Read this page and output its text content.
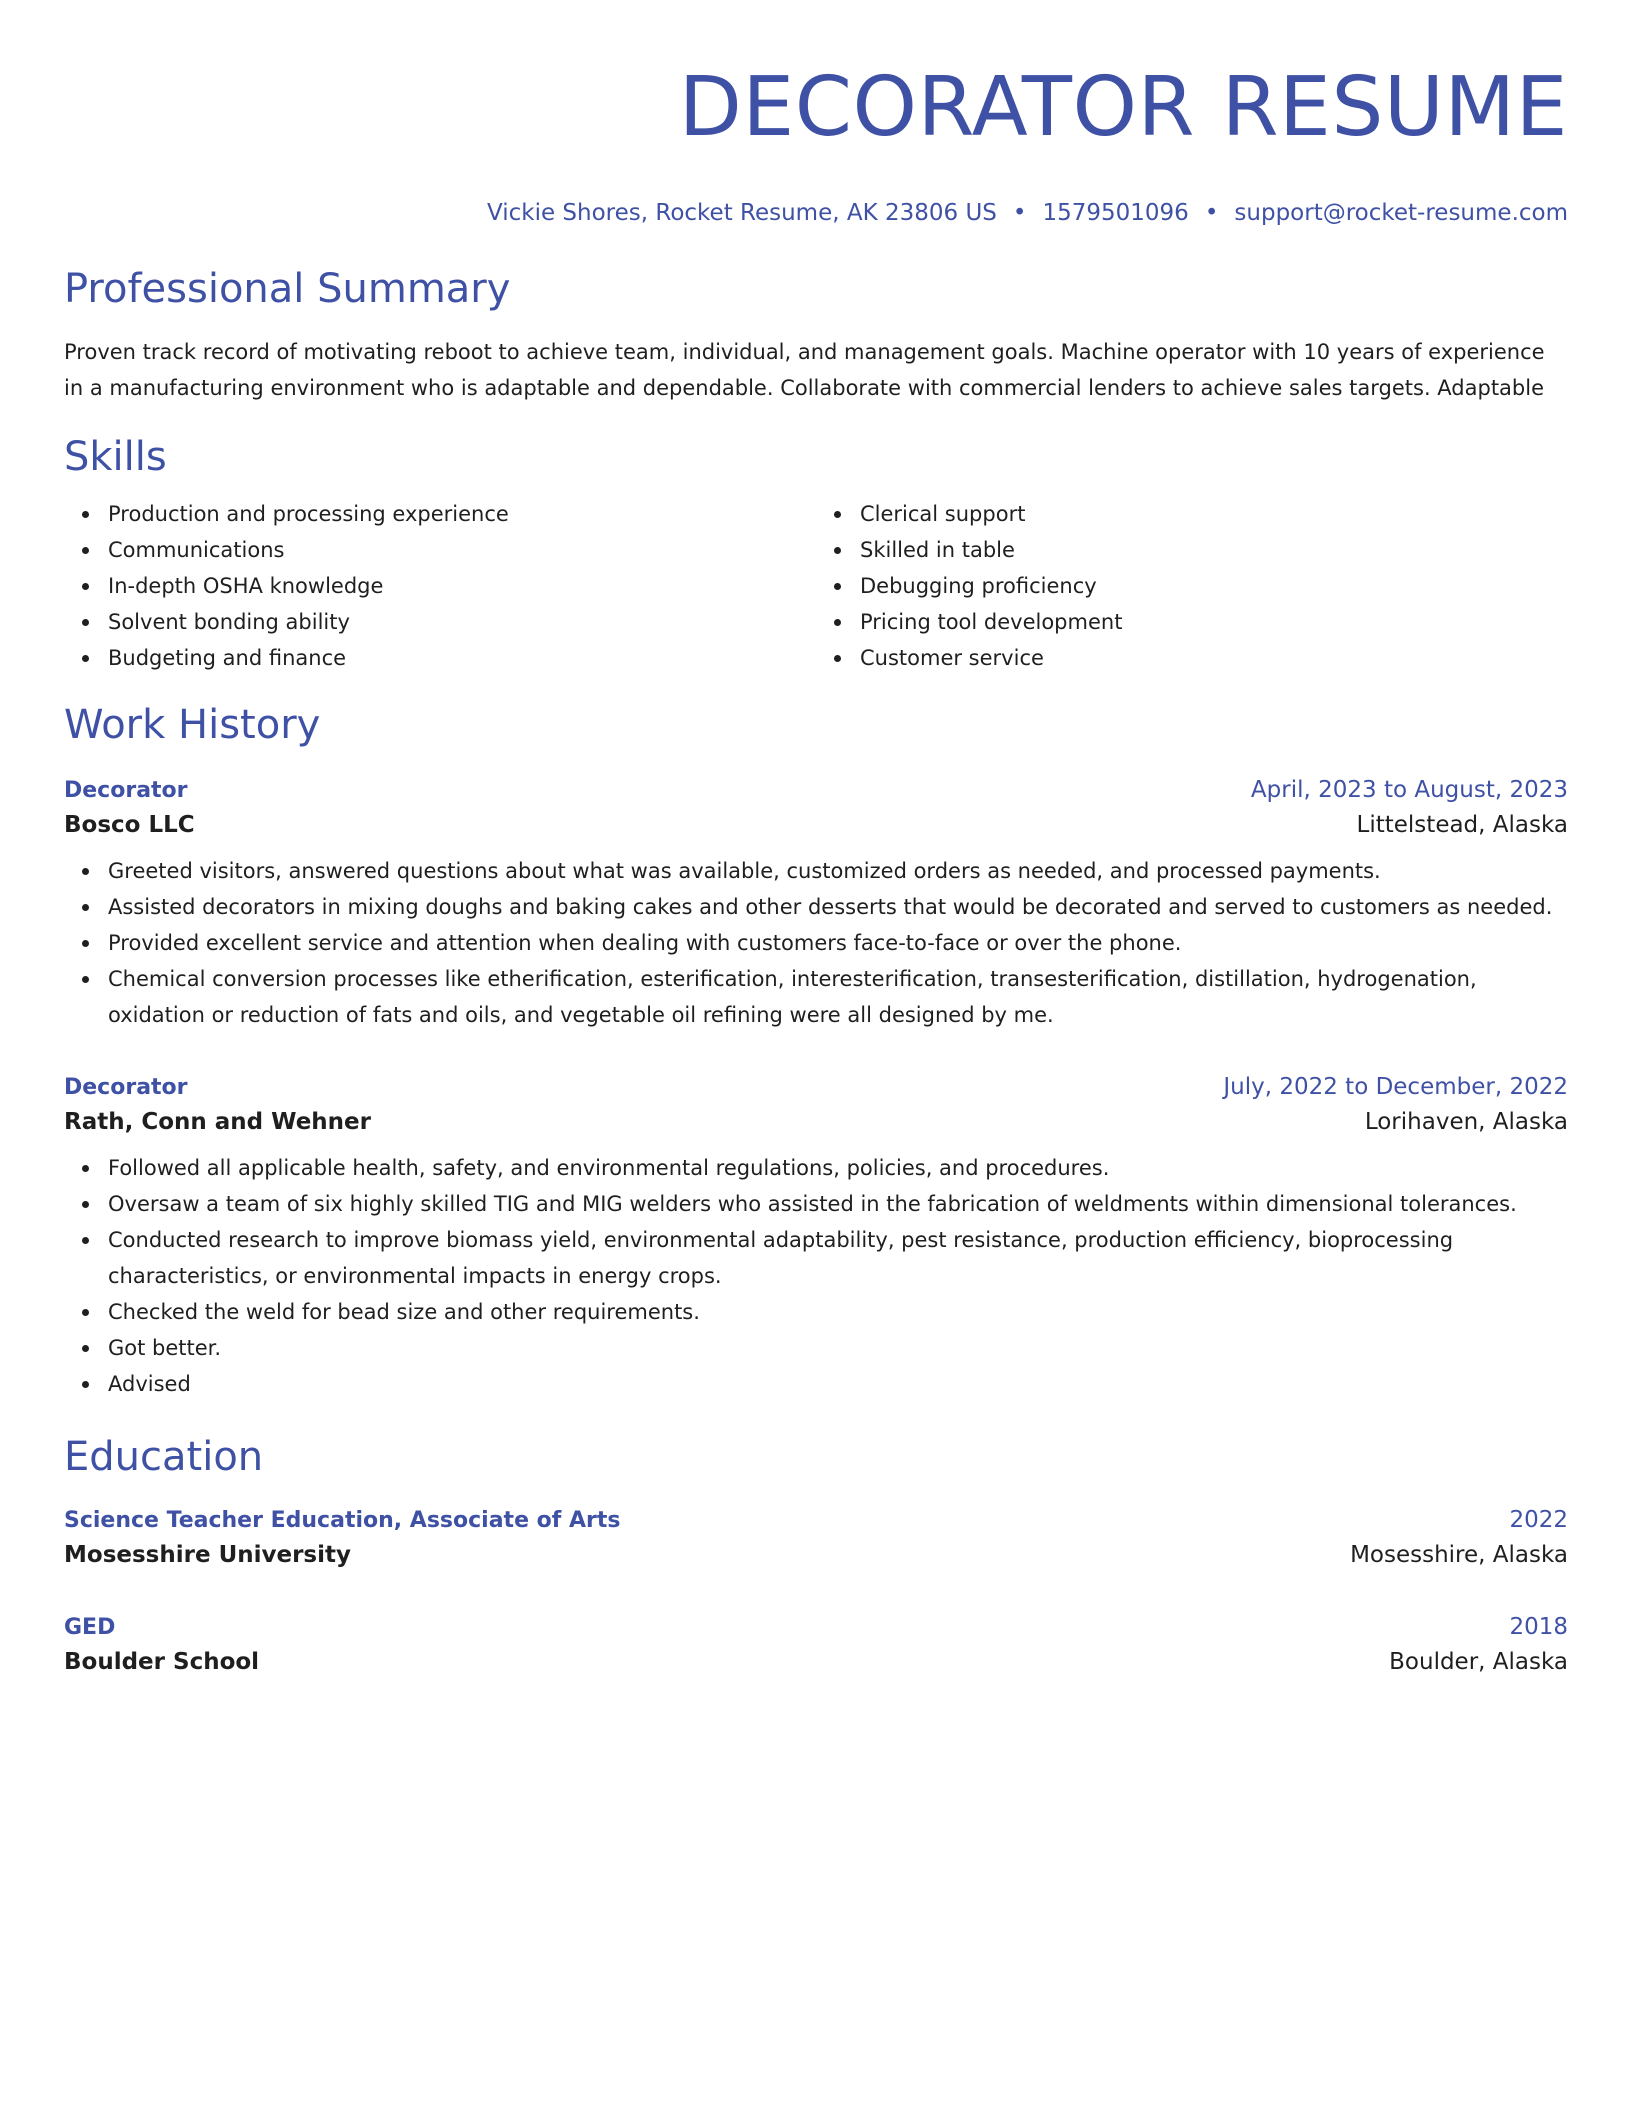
DECORATOR RESUME
Vickie Shores, Rocket Resume, AK 23806 US • 1579501096 • support@rocket-resume.com
Professional Summary

Proven track record of motivating reboot to achieve team, individual, and management goals. Machine operator with 10 years of experience in a manufacturing environment who is adaptable and dependable. Collaborate with commercial lenders to achieve sales targets. Adaptable

Skills
Production and processing experience
Communications
In-depth OSHA knowledge
Solvent bonding ability
Budgeting and finance
Clerical support
Skilled in table
Debugging proficiency
Pricing tool development
Customer service
Work History
Decorator	April, 2023 to August, 2023
Bosco LLC	Littelstead, Alaska
Greeted visitors, answered questions about what was available, customized orders as needed, and processed payments.
Assisted decorators in mixing doughs and baking cakes and other desserts that would be decorated and served to customers as needed.
Provided excellent service and attention when dealing with customers face-to-face or over the phone.
Chemical conversion processes like etherification, esterification, interesterification, transesterification, distillation, hydrogenation, oxidation or reduction of fats and oils, and vegetable oil refining were all designed by me.
Decorator	July, 2022 to December, 2022
Rath, Conn and Wehner	Lorihaven, Alaska
Followed all applicable health, safety, and environmental regulations, policies, and procedures.
Oversaw a team of six highly skilled TIG and MIG welders who assisted in the fabrication of weldments within dimensional tolerances.
Conducted research to improve biomass yield, environmental adaptability, pest resistance, production efficiency, bioprocessing characteristics, or environmental impacts in energy crops.
Checked the weld for bead size and other requirements.
Got better.
Advised
Education
Science Teacher Education, Associate of Arts	2022
Mosesshire University	Mosesshire, Alaska
GED	2018
Boulder School	Boulder, Alaska
